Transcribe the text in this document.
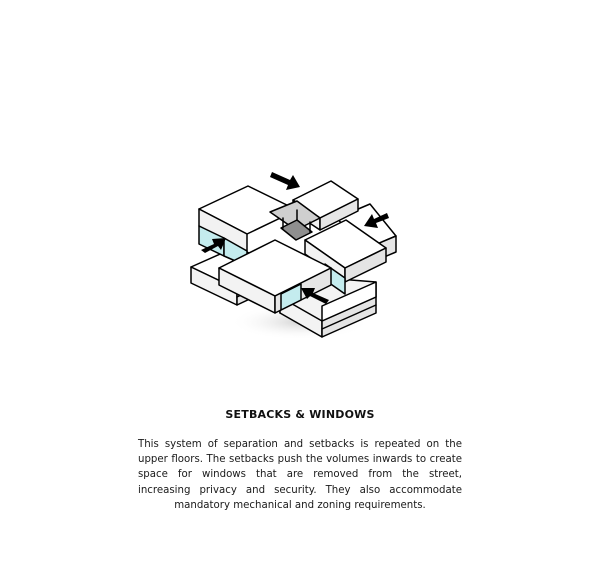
SETBACKS & WINDOWS
This system of separation and setbacks is repeated on the upper floors. The setbacks push the volumes inwards to create space for windows that are removed from the street, increasing privacy and security. They also accommodate mandatory mechanical and zoning requirements.
